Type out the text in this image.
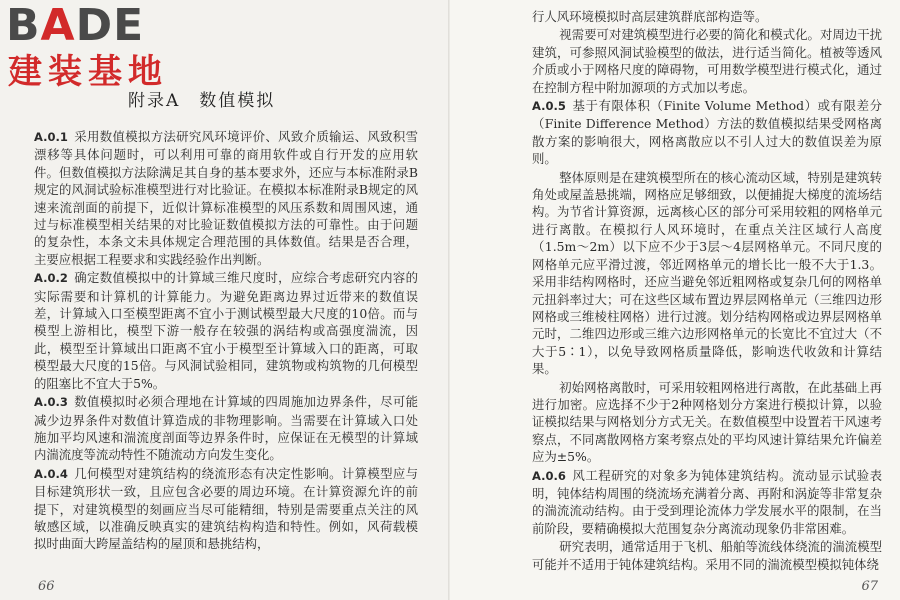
BADE
建装基地
附录A　数值模拟

A.0.1 采用数值模拟方法研究风环境评价、风致介质输运、风致积雪漂移等具体问题时，可以利用可靠的商用软件或自行开发的应用软件。但数值模拟方法除满足其自身的基本要求外，还应与本标准附录B规定的风洞试验标准模型进行对比验证。在模拟本标准附录B规定的风速来流剖面的前提下，近似计算标准模型的风压系数和周围风速，通过与标准模型相关结果的对比验证数值模拟方法的可靠性。由于问题的复杂性，本条文未具体规定合理范围的具体数值。结果是否合理，主要应根据工程要求和实践经验作出判断。

A.0.2 确定数值模拟中的计算域三维尺度时，应综合考虑研究内容的实际需要和计算机的计算能力。为避免距离边界过近带来的数值误差，计算域入口至模型距离不宜小于测试模型最大尺度的10倍。而与模型上游相比，模型下游一般存在较强的涡结构或高强度湍流，因此，模型至计算域出口距离不宜小于模型至计算域入口的距离，可取模型最大尺度的15倍。与风洞试验相同，建筑物或构筑物的几何模型的阻塞比不宜大于5%。

A.0.3 数值模拟时必须合理地在计算域的四周施加边界条件，尽可能减少边界条件对数值计算造成的非物理影响。当需要在计算域入口处施加平均风速和湍流度剖面等边界条件时，应保证在无模型的计算域内湍流度等流动特性不随流动方向发生变化。

A.0.4 几何模型对建筑结构的绕流形态有决定性影响。计算模型应与目标建筑形状一致，且应包含必要的周边环境。在计算资源允许的前提下，对建筑模型的刻画应当尽可能精细，特别是需要重点关注的风敏感区域，以准确反映真实的建筑结构构造和特性。例如，风荷载模拟时曲面大跨屋盖结构的屋顶和悬挑结构，

66

行人风环境模拟时高层建筑群底部构造等。

视需要可对建筑模型进行必要的简化和模式化。对周边干扰建筑，可参照风洞试验模型的做法，进行适当简化。植被等透风介质或小于网格尺度的障碍物，可用数学模型进行模式化，通过在控制方程中附加源项的方式加以考虑。

A.0.5 基于有限体积（Finite Volume Method）或有限差分（Finite Difference Method）方法的数值模拟结果受网格离散方案的影响很大，网格离散应以不引人过大的数值误差为原则。

整体原则是在建筑模型所在的核心流动区域，特别是建筑转角处或屋盖悬挑端，网格应足够细致，以便捕捉大梯度的流场结构。为节省计算资源，远离核心区的部分可采用较粗的网格单元进行离散。在模拟行人风环境时，在重点关注区域行人高度（1.5m～2m）以下应不少于3层～4层网格单元。不同尺度的网格单元应平滑过渡，邻近网格单元的增长比一般不大于1.3。采用非结构网格时，还应当避免邻近粗网格或复杂几何的网格单元扭斜率过大；可在这些区域布置边界层网格单元（三维四边形网格或三维棱柱网格）进行过渡。划分结构网格或边界层网格单元时，二维四边形或三维六边形网格单元的长宽比不宜过大（不大于5∶1），以免导致网格质量降低，影响迭代收敛和计算结果。

初始网格离散时，可采用较粗网格进行离散，在此基础上再进行加密。应选择不少于2种网格划分方案进行模拟计算，以验证模拟结果与网格划分方式无关。在数值模型中设置若干风速考察点，不同离散网格方案考察点处的平均风速计算结果允许偏差应为±5%。

A.0.6 风工程研究的对象多为钝体建筑结构。流动显示试验表明，钝体结构周围的绕流场充满着分离、再附和涡旋等非常复杂的湍流流动结构。由于受到理论流体力学发展水平的限制，在当前阶段，要精确模拟大范围复杂分离流动现象仍非常困难。

研究表明，通常适用于飞机、船舶等流线体绕流的湍流模型可能并不适用于钝体建筑结构。采用不同的湍流模型模拟钝体绕

67
